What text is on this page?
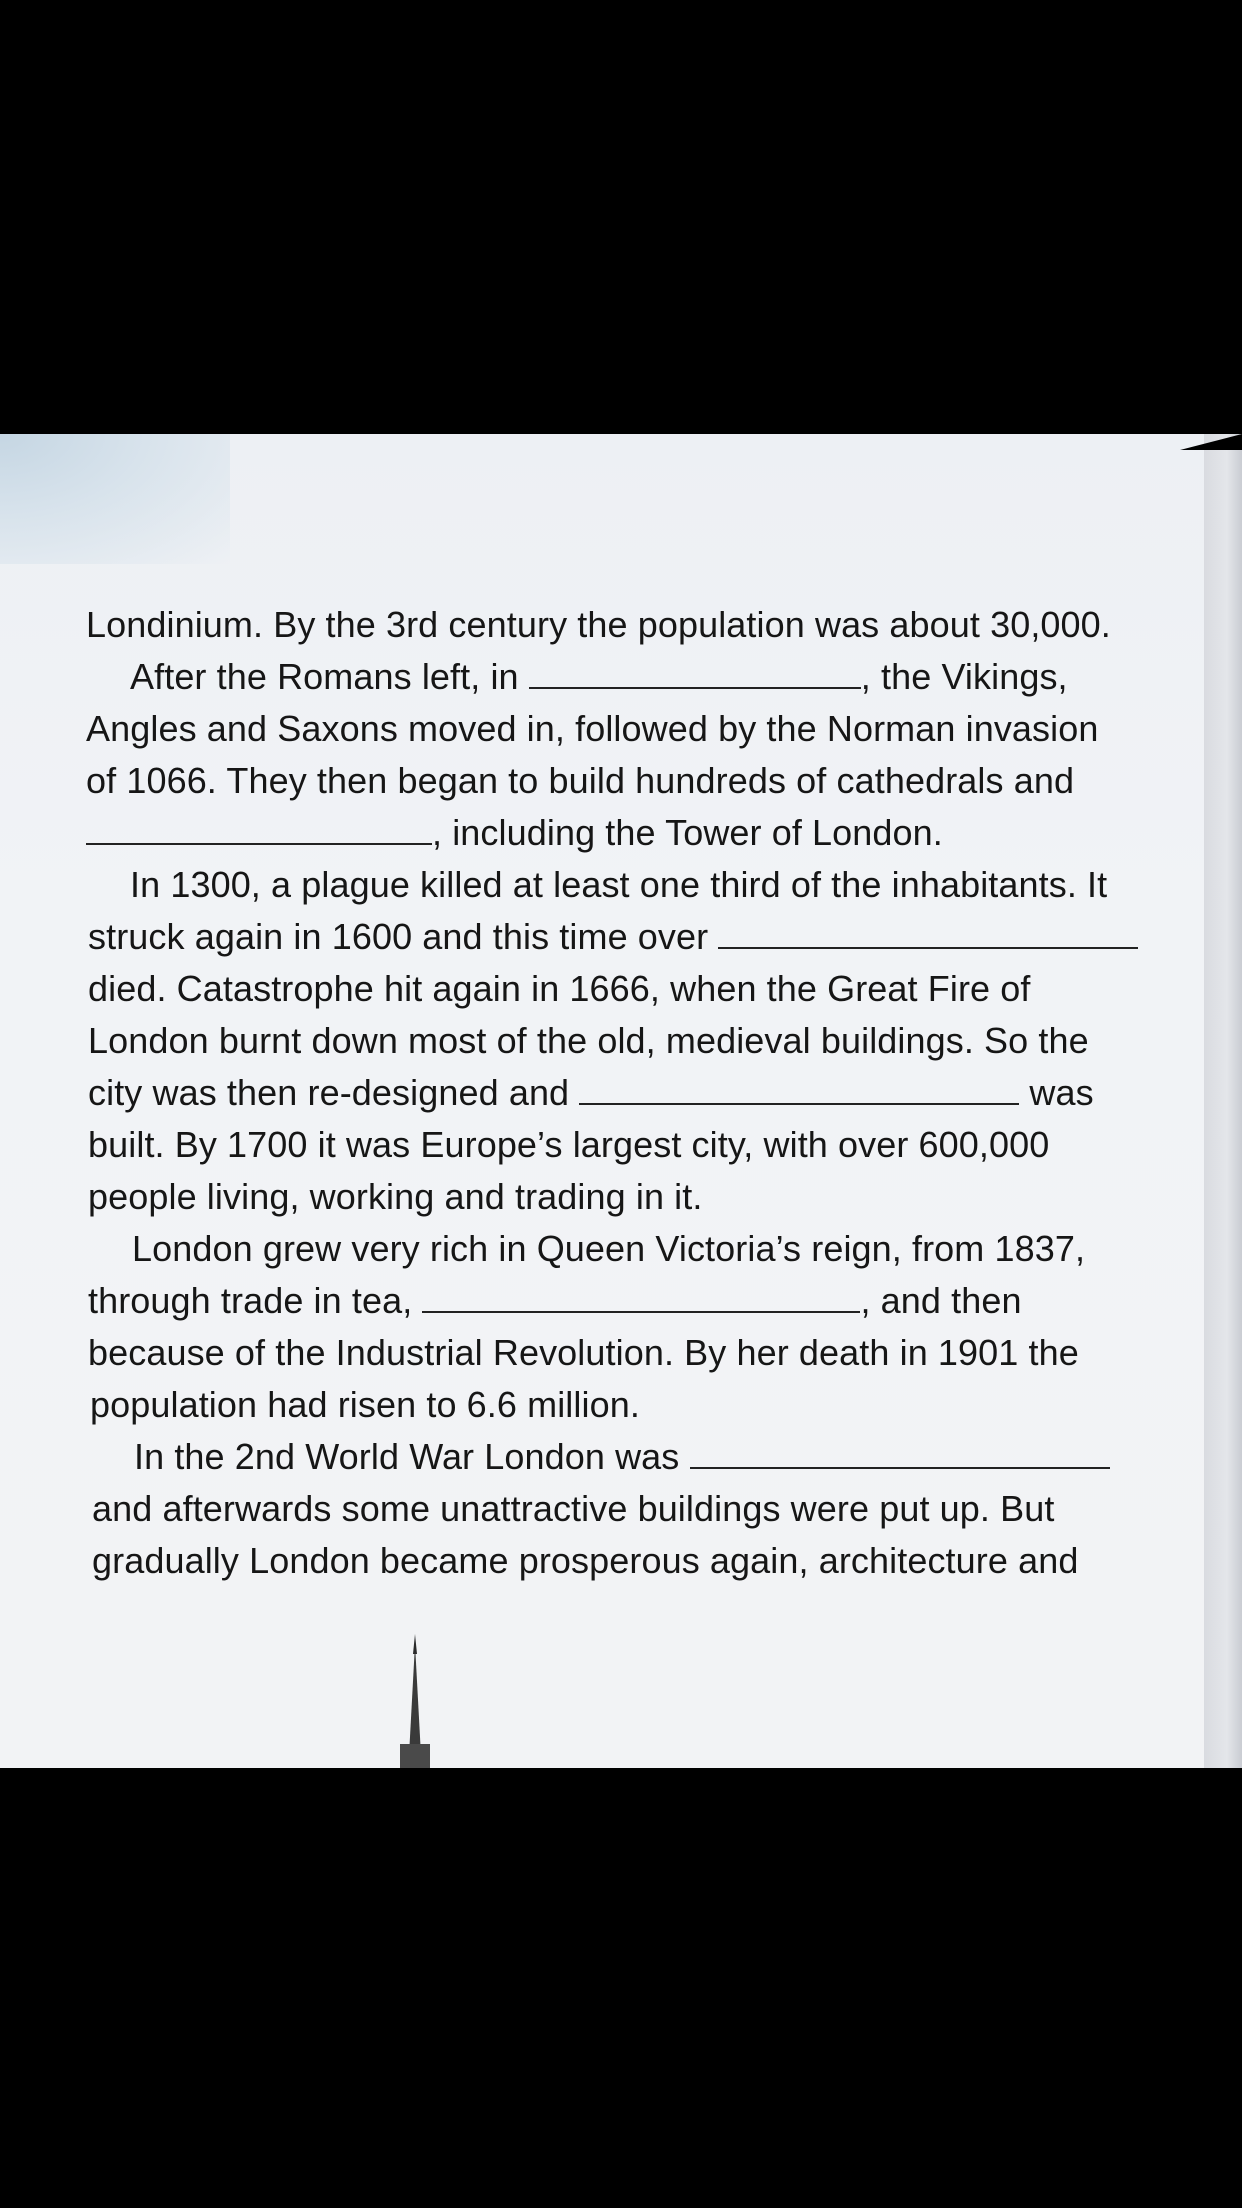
Londinium. By the 3rd century the population was about 30,000.
After the Romans left, in	, the Vikings,
Angles and Saxons moved in, followed by the Norman invasion
of 1066. They then began to build hundreds of cathedrals and
, including the Tower of London.
In 1300, a plague killed at least one third of the inhabitants. It
struck again in 1600 and this time over
died. Catastrophe hit again in 1666, when the Great Fire of
London burnt down most of the old, medieval buildings. So the
city was then re-designed and	was
built. By 1700 it was Europe’s largest city, with over 600,000
people living, working and trading in it.
London grew very rich in Queen Victoria’s reign, from 1837,
through trade in tea,	, and then
because of the Industrial Revolution. By her death in 1901 the
population had risen to 6.6 million.
In the 2nd World War London was
and afterwards some unattractive buildings were put up. But
gradually London became prosperous again, architecture and
